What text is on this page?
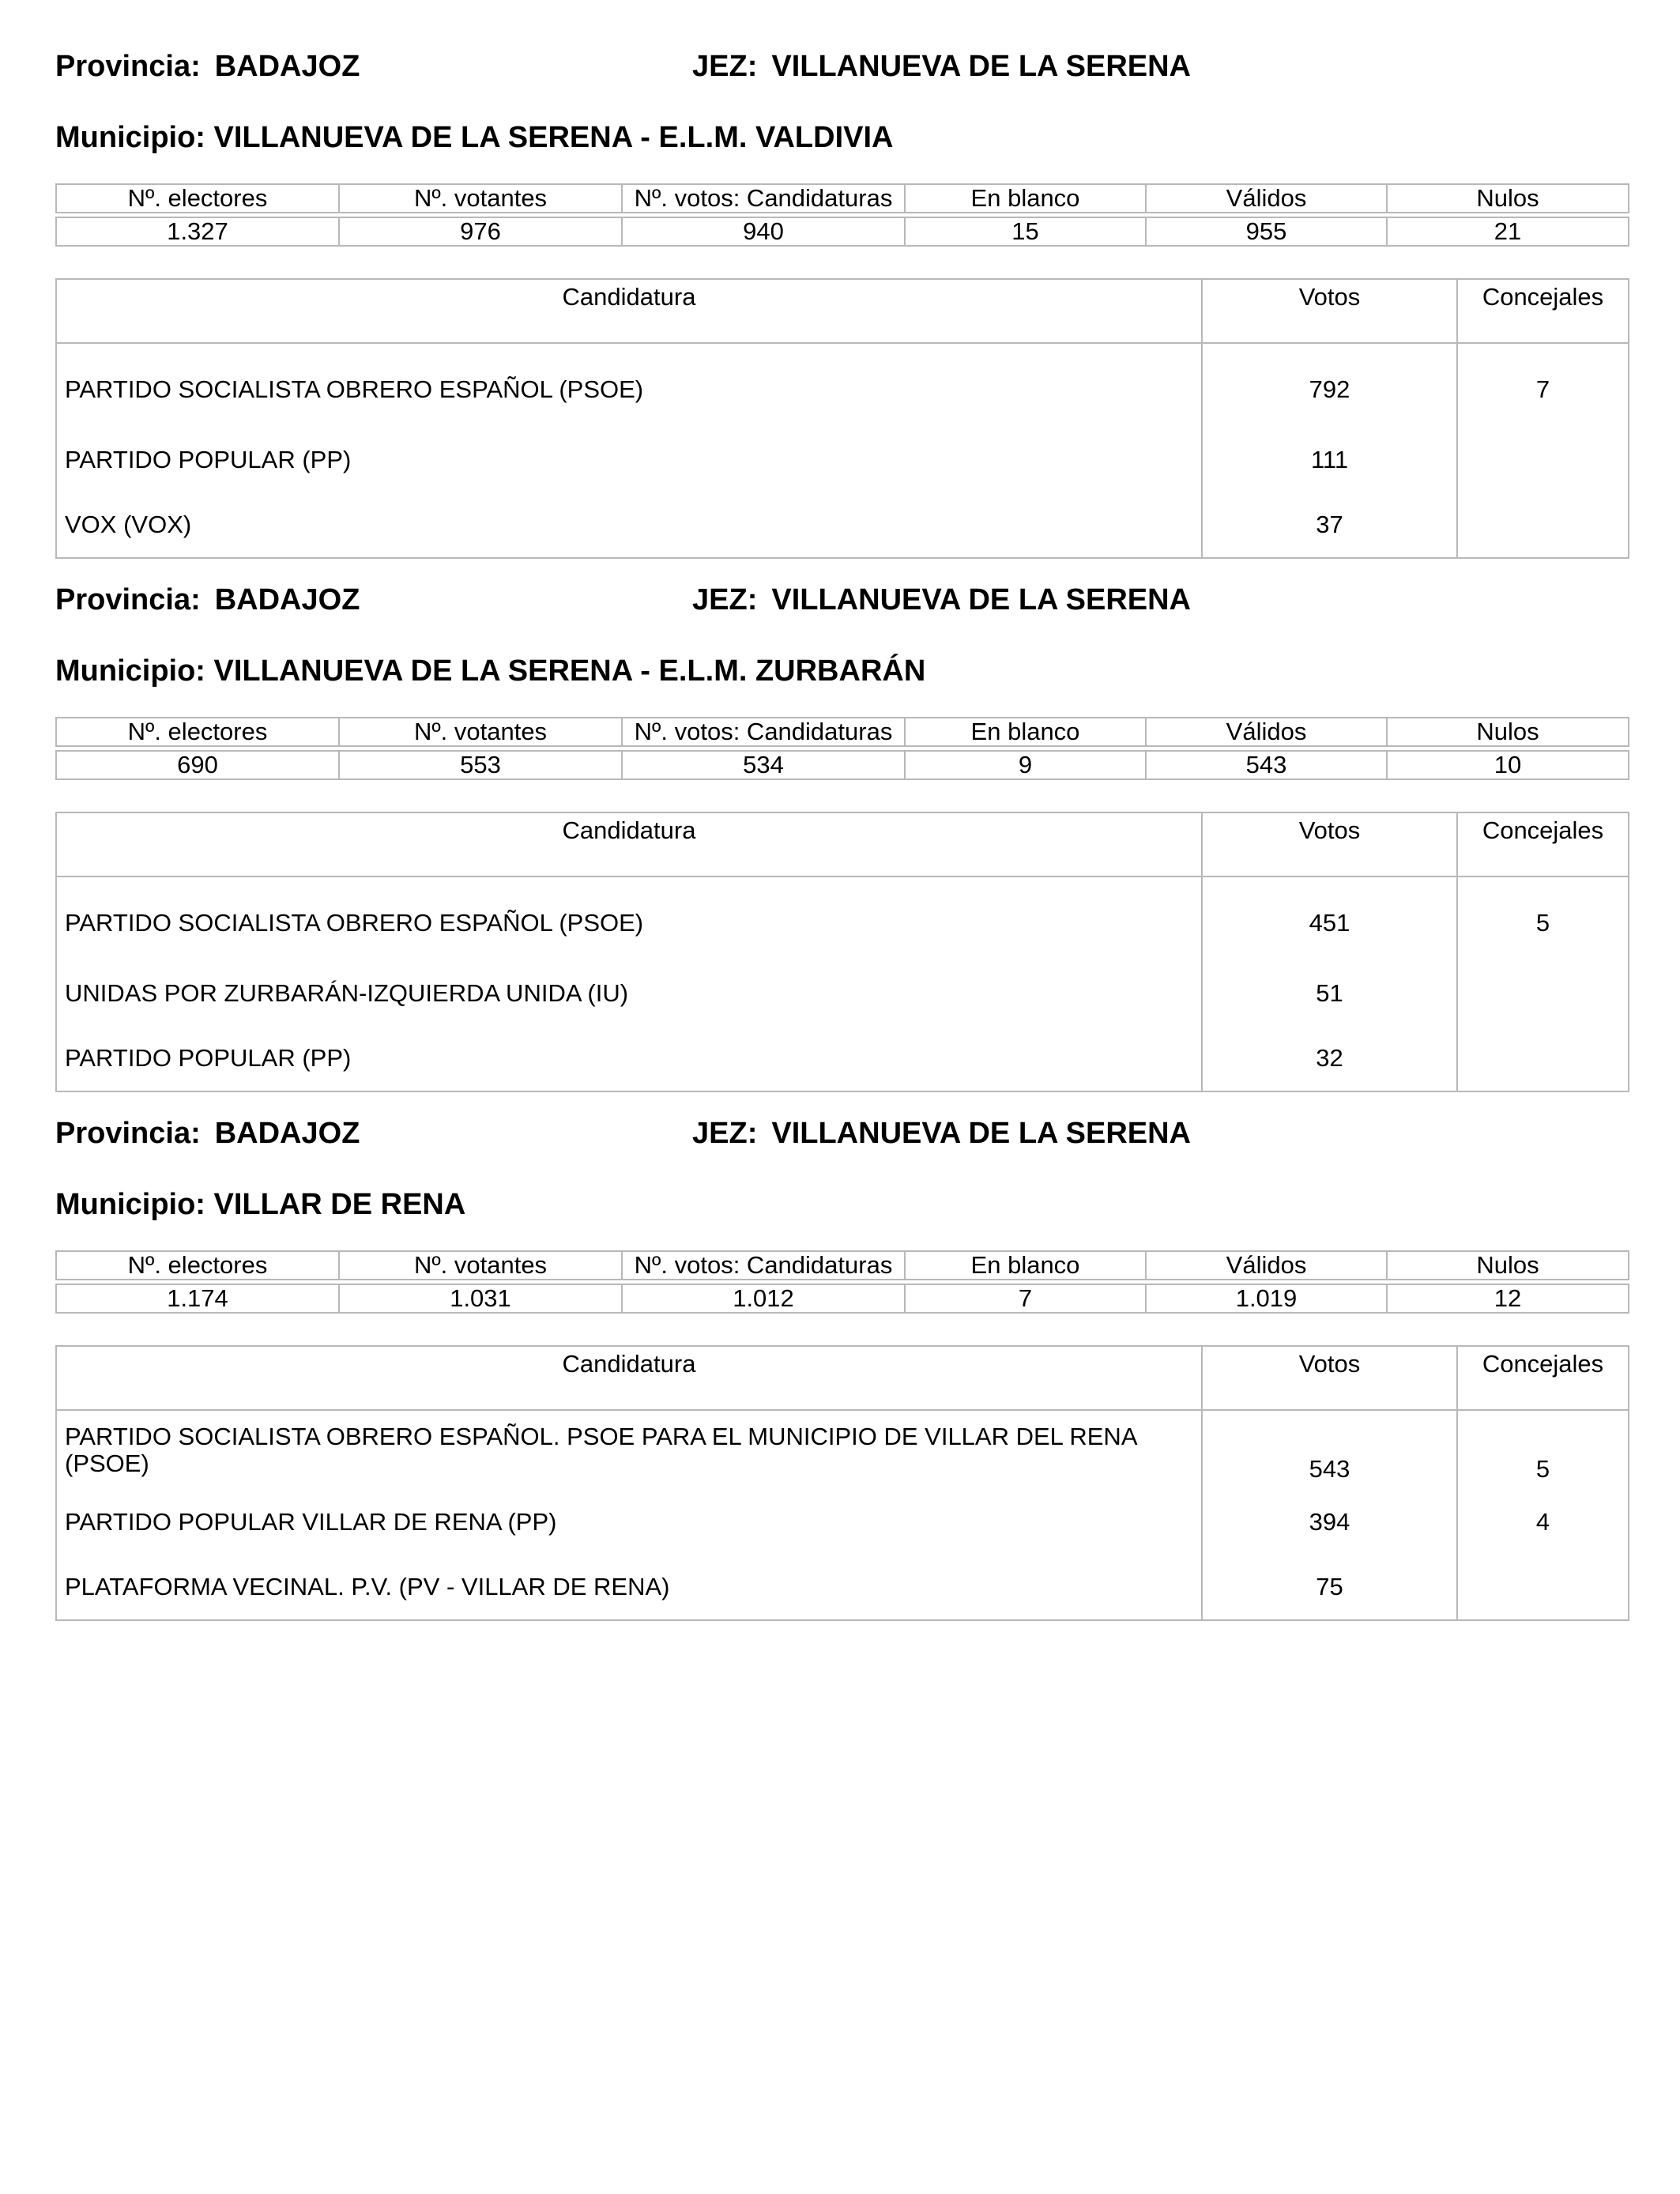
Provincia: BADAJOZ	JEZ: VILLANUEVA DE LA SERENA
Municipio: VILLANUEVA DE LA SERENA - E.L.M. VALDIVIA
Nº. electores	Nº. votantes	Nº. votos: Candidaturas	En blanco	Válidos	Nulos

1.327	976	940	15	955	21
Candidatura	Votos	Concejales
PARTIDO SOCIALISTA OBRERO ESPAÑOL (PSOE)	792	7
PARTIDO POPULAR (PP)	111	
VOX (VOX)	37	
Provincia: BADAJOZ	JEZ: VILLANUEVA DE LA SERENA
Municipio: VILLANUEVA DE LA SERENA - E.L.M. ZURBARÁN
Nº. electores	Nº. votantes	Nº. votos: Candidaturas	En blanco	Válidos	Nulos

690	553	534	9	543	10
Candidatura	Votos	Concejales
PARTIDO SOCIALISTA OBRERO ESPAÑOL (PSOE)	451	5
UNIDAS POR ZURBARÁN-IZQUIERDA UNIDA (IU)	51	
PARTIDO POPULAR (PP)	32	
Provincia: BADAJOZ	JEZ: VILLANUEVA DE LA SERENA
Municipio: VILLAR DE RENA
Nº. electores	Nº. votantes	Nº. votos: Candidaturas	En blanco	Válidos	Nulos

1.174	1.031	1.012	7	1.019	12
Candidatura	Votos	Concejales
PARTIDO SOCIALISTA OBRERO ESPAÑOL. PSOE PARA EL MUNICIPIO DE VILLAR DEL RENA (PSOE)	543	5
PARTIDO POPULAR VILLAR DE RENA (PP)	394	4
PLATAFORMA VECINAL. P.V. (PV - VILLAR DE RENA)	75	
